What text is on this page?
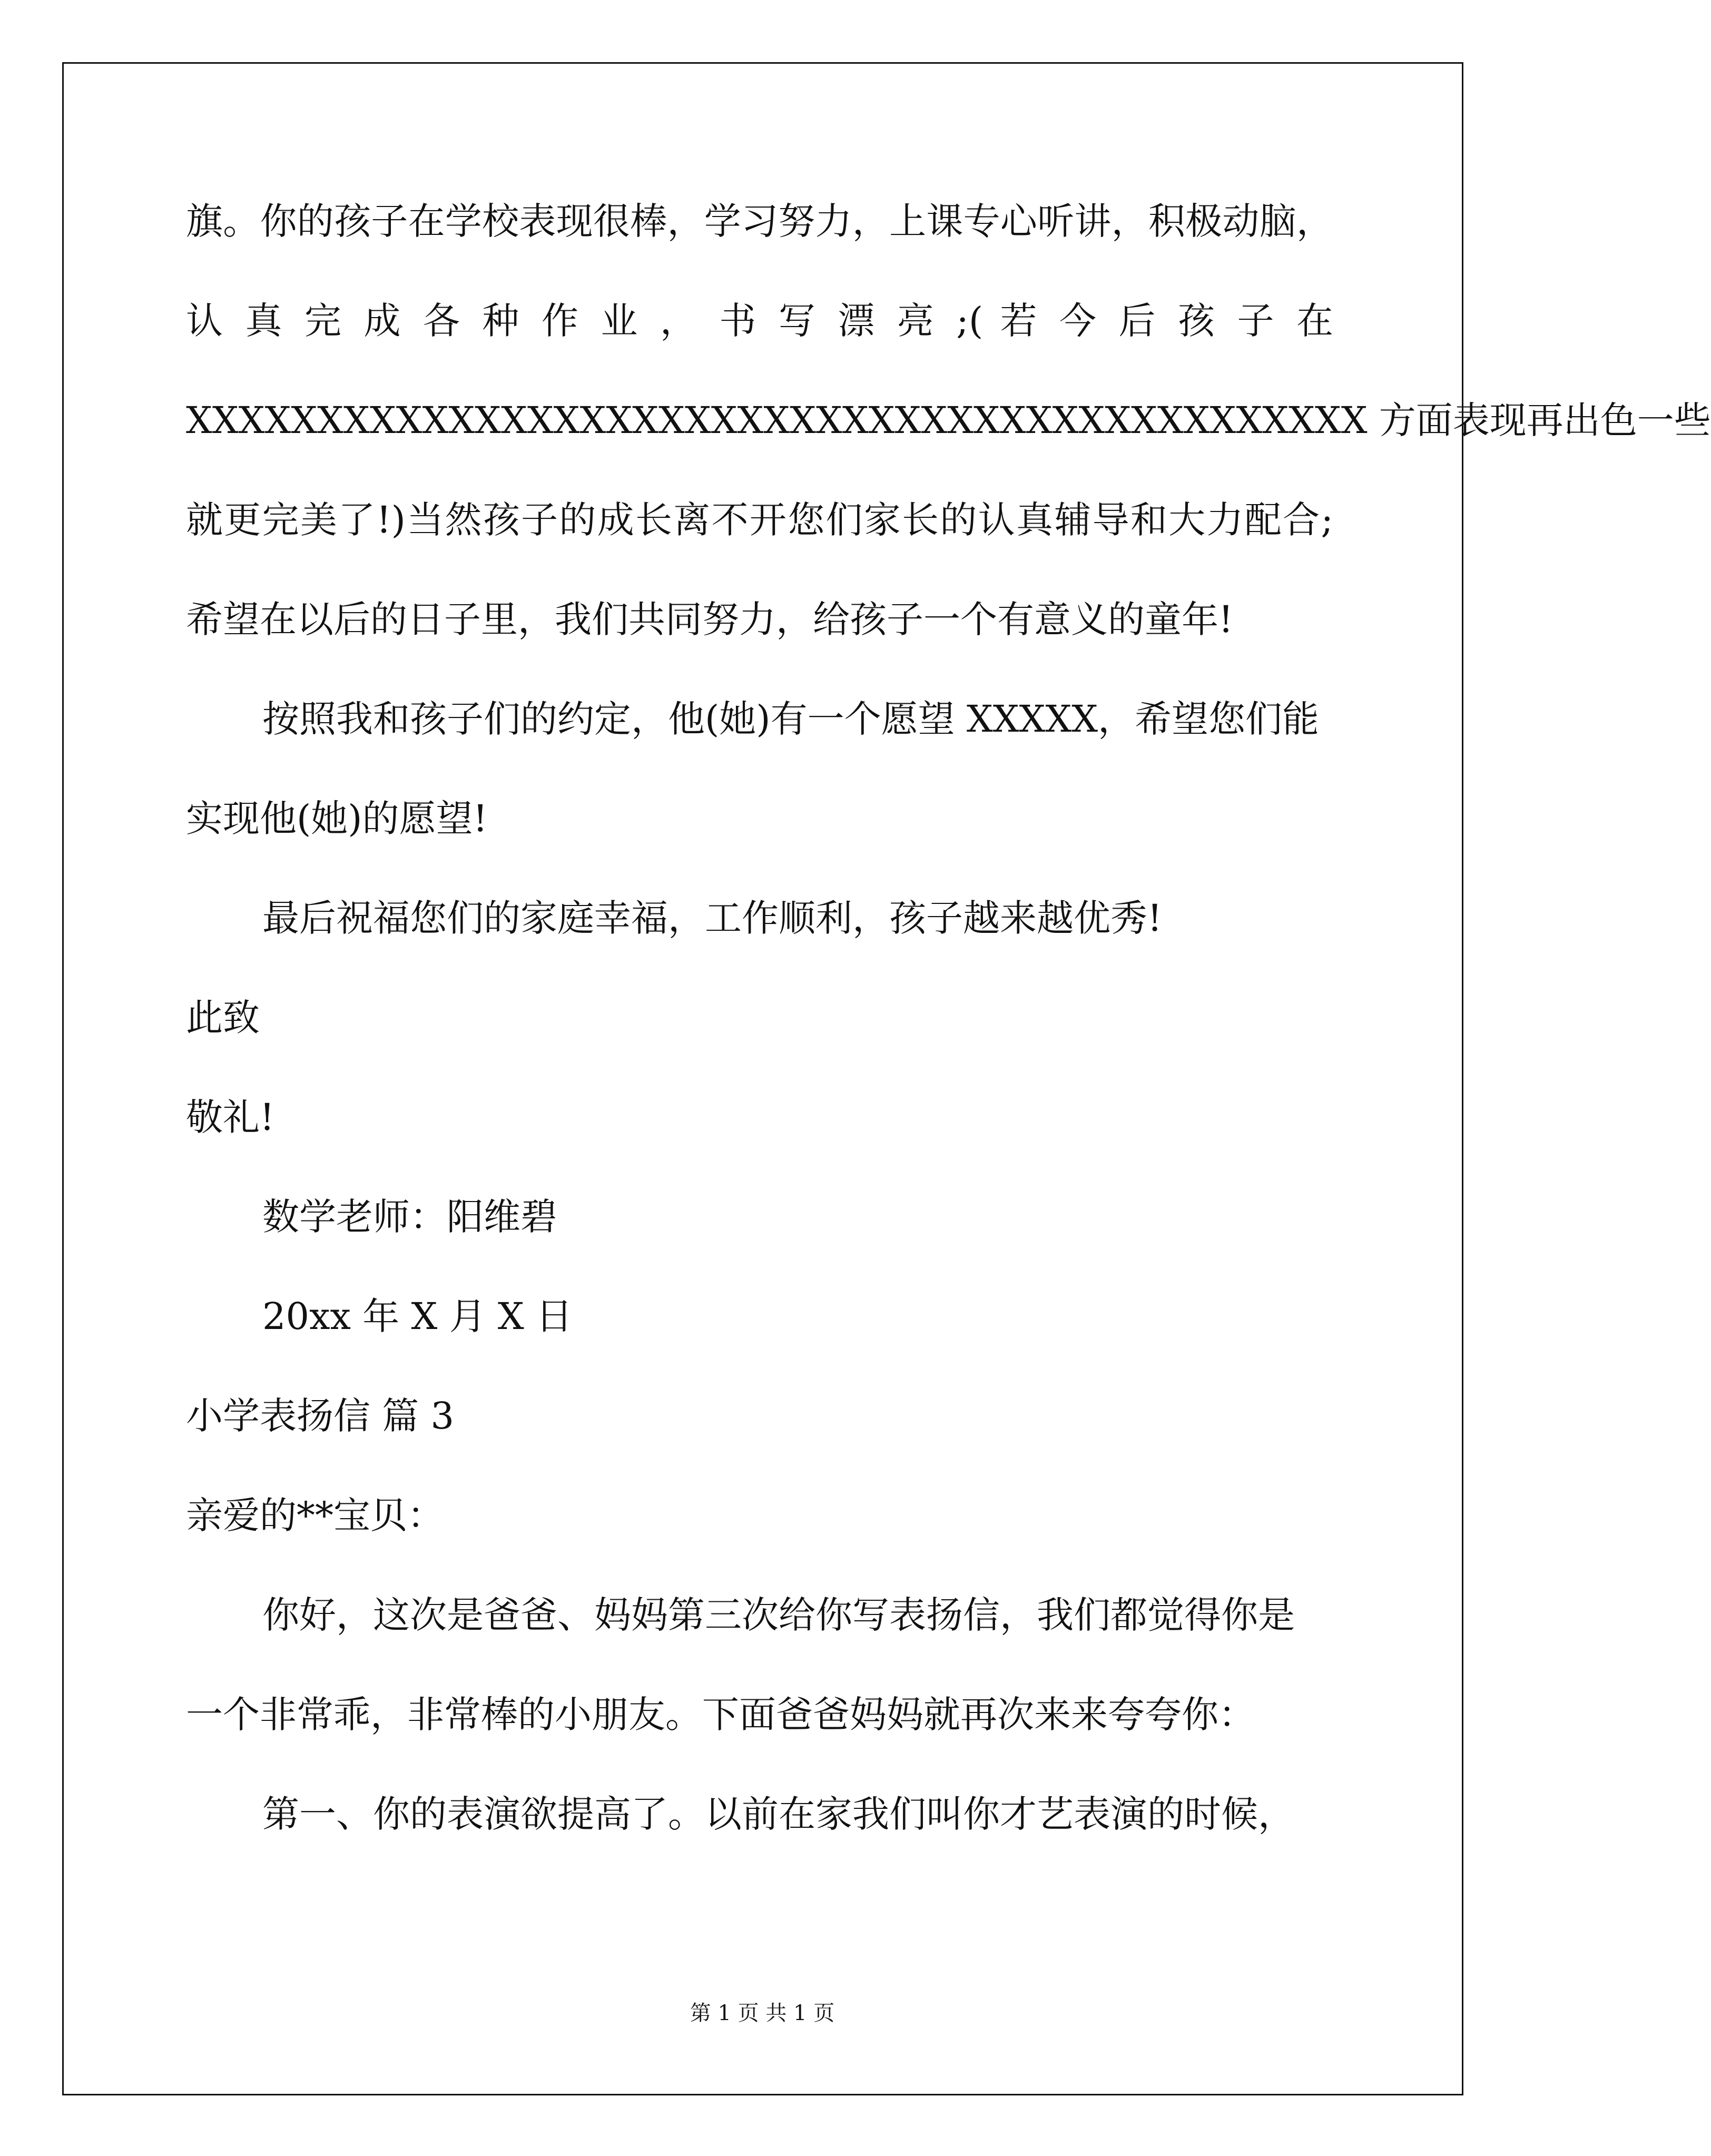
旗。你的孩子在学校表现很棒，学习努力，上课专心听讲，积极动脑，
认 真 完 成 各 种 作 业 ， 书 写 漂 亮 ;( 若 今 后 孩 子 在
XXXXXXXXXXXXXXXXXXXXXXXXXXXXXXXXXXXXXXXXXXXXX 方面表现再出色一些
就更完美了!)当然孩子的成长离不开您们家长的认真辅导和大力配合;
希望在以后的日子里，我们共同努力，给孩子一个有意义的童年!
按照我和孩子们的约定，他(她)有一个愿望 XXXXX，希望您们能
实现他(她)的愿望!
最后祝福您们的家庭幸福，工作顺利，孩子越来越优秀!
此致
敬礼!
数学老师：阳维碧
20xx 年 X 月 X 日
小学表扬信 篇 3
亲爱的**宝贝：
你好，这次是爸爸、妈妈第三次给你写表扬信，我们都觉得你是
一个非常乖，非常棒的小朋友。下面爸爸妈妈就再次来来夸夸你：
第一、你的表演欲提高了。以前在家我们叫你才艺表演的时候，
第 1 页 共 1 页
